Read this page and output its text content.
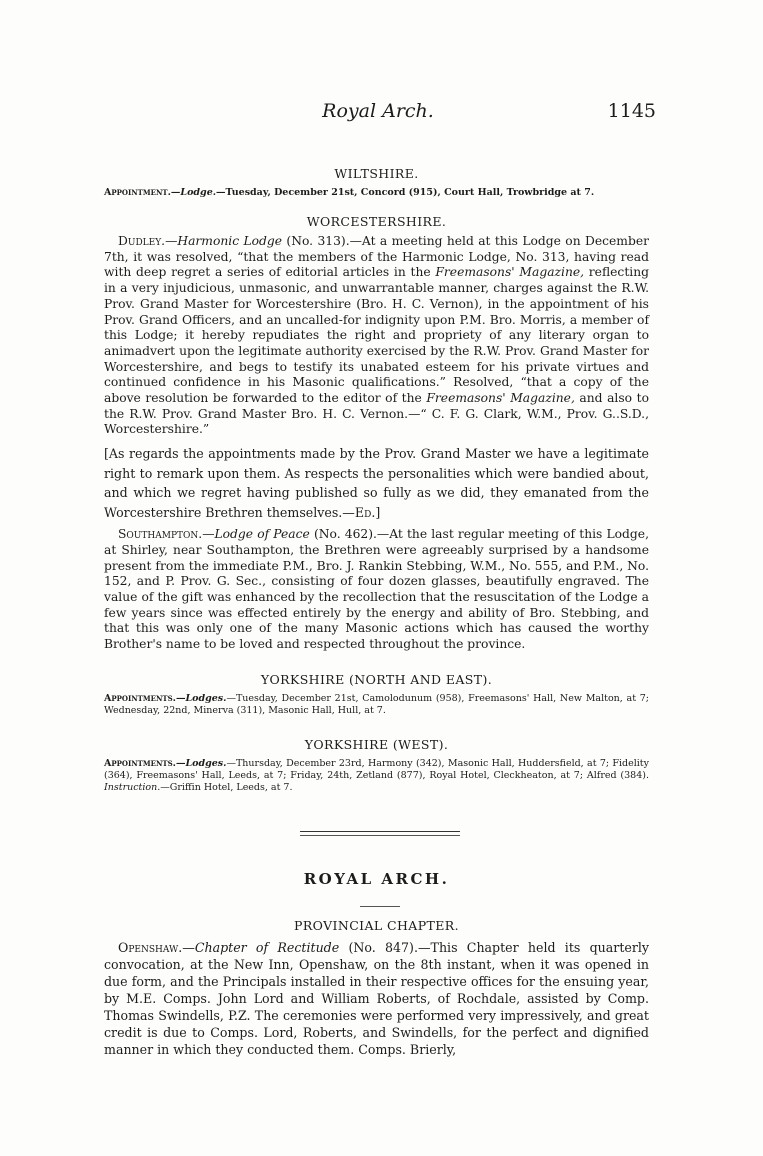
Royal Arch.	1145

WILTSHIRE.

Appointment.—Lodge.—Tuesday, December 21st, Concord (915), Court Hall, Trowbridge at 7.

WORCESTERSHIRE.

Dudley.—Harmonic Lodge (No. 313).—At a meeting held at this Lodge on December 7th, it was resolved, “that the members of the Harmonic Lodge, No. 313, having read with deep regret a series of editorial articles in the Freemasons' Magazine, reflecting in a very injudicious, unmasonic, and unwarrantable manner, charges against the R.W. Prov. Grand Master for Worcestershire (Bro. H. C. Vernon), in the appointment of his Prov. Grand Officers, and an uncalled-for indignity upon P.M. Bro. Morris, a member of this Lodge; it hereby repudiates the right and propriety of any literary organ to animadvert upon the legitimate authority exercised by the R.W. Prov. Grand Master for Worcestershire, and begs to testify its unabated esteem for his private virtues and continued confidence in his Masonic qualifications.” Resolved, “that a copy of the above resolution be forwarded to the editor of the Freemasons' Magazine, and also to the R.W. Prov. Grand Master Bro. H. C. Vernon.—“ C. F. G. Clark, W.M., Prov. G..S.D., Worcestershire.”

[As regards the appointments made by the Prov. Grand Master we have a legitimate right to remark upon them. As respects the personalities which were bandied about, and which we regret having published so fully as we did, they emanated from the Worcestershire Brethren themselves.—Ed.]

Southampton.—Lodge of Peace (No. 462).—At the last regular meeting of this Lodge, at Shirley, near Southampton, the Brethren were agreeably surprised by a handsome present from the immediate P.M., Bro. J. Rankin Stebbing, W.M., No. 555, and P.M., No. 152, and P. Prov. G. Sec., consisting of four dozen glasses, beautifully engraved. The value of the gift was enhanced by the recollection that the resuscitation of the Lodge a few years since was effected entirely by the energy and ability of Bro. Stebbing, and that this was only one of the many Masonic actions which has caused the worthy Brother's name to be loved and respected throughout the province.

YORKSHIRE (NORTH AND EAST).

Appointments.—Lodges.—Tuesday, December 21st, Camolodunum (958), Freemasons' Hall, New Malton, at 7; Wednesday, 22nd, Minerva (311), Masonic Hall, Hull, at 7.

YORKSHIRE (WEST).

Appointments.—Lodges.—Thursday, December 23rd, Harmony (342), Masonic Hall, Huddersfield, at 7; Fidelity (364), Freemasons' Hall, Leeds, at 7; Friday, 24th, Zetland (877), Royal Hotel, Cleckheaton, at 7; Alfred (384). Instruction.—Griffin Hotel, Leeds, at 7.

ROYAL ARCH.

PROVINCIAL CHAPTER.

Openshaw.—Chapter of Rectitude (No. 847).—This Chapter held its quarterly convocation, at the New Inn, Openshaw, on the 8th instant, when it was opened in due form, and the Principals installed in their respective offices for the ensuing year, by M.E. Comps. John Lord and William Roberts, of Rochdale, assisted by Comp. Thomas Swindells, P.Z. The ceremonies were performed very impressively, and great credit is due to Comps. Lord, Roberts, and Swindells, for the perfect and dignified manner in which they conducted them. Comps. Brierly,
